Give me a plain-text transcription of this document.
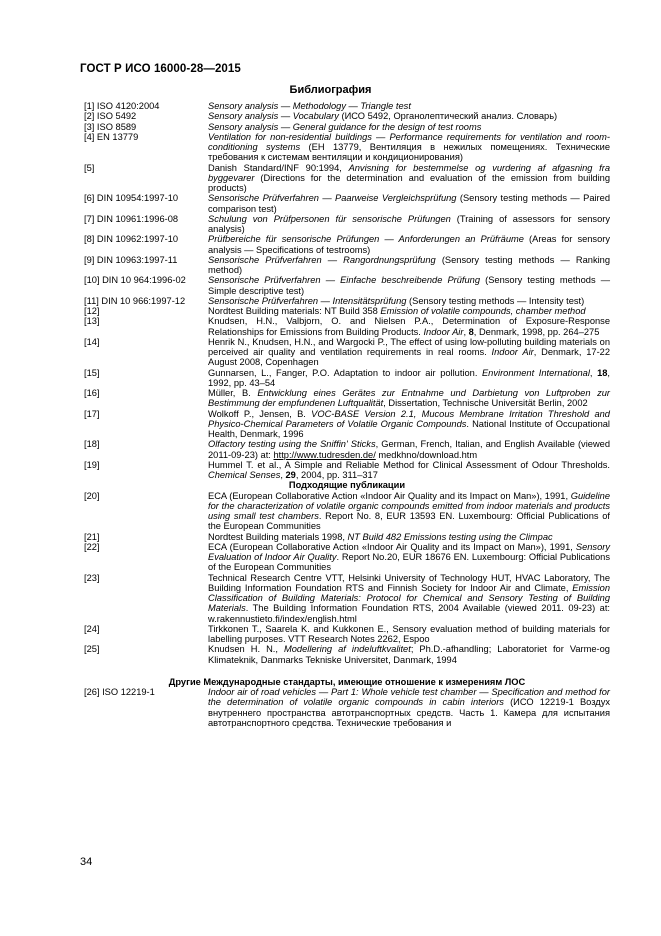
ГОСТ Р ИСО 16000-28—2015
Библиография
[1] ISO 4120:2004	Sensory analysis — Methodology — Triangle test
[2] ISO 5492	Sensory analysis — Vocabulary (ИСО 5492, Органолептический анализ. Словарь)
[3] ISO 8589	Sensory analysis — General guidance for the design of test rooms
[4] EN 13779	Ventilation for non-residential buildings — Performance requirements for ventilation and room-conditioning systems (EH 13779, Вентиляция в нежилых помещениях. Технические требования к системам вентиляции и кондиционирования)
[5]	Danish Standard/INF 90:1994, Anvisning for bestemmelse og vurdering af afgasning fra byggevarer (Directions for the determination and evaluation of the emission from building products)
[6] DIN 10954:1997-10	Sensorische Prüfverfahren — Paarweise Vergleichsprüfung (Sensory testing methods — Paired comparison test)
[7] DIN 10961:1996-08	Schulung von Prüfpersonen für sensorische Prüfungen (Training of assessors for sensory analysis)
[8] DIN 10962:1997-10	Prüfbereiche für sensorische Prüfungen — Anforderungen an Prüfräume (Areas for sensory analysis — Specifications of testrooms)
[9] DIN 10963:1997-11	Sensorische Prüfverfahren — Rangordnungsprüfung (Sensory testing methods — Ranking method)
[10] DIN 10 964:1996-02	Sensorische Prüfverfahren — Einfache beschreibende Prüfung (Sensory testing methods — Simple descriptive test)
[11] DIN 10 966:1997-12	Sensorische Prüfverfahren — Intensitätsprüfung (Sensory testing methods — Intensity test)
[12]	Nordtest Building materials: NT Build 358 Emission of volatile compounds, chamber method
[13]	Knudsen, H.N., Valbjorn, O. and Nielsen P.A., Determination of Exposure-Response Relationships for Emissions from Building Products. Indoor Air, 8, Denmark, 1998, pp. 264–275
[14]	Henrik N., Knudsen, H.N., and Wargocki P., The effect of using low-polluting building materials on perceived air quality and ventilation requirements in real rooms. Indoor Air, Denmark, 17-22 August 2008, Copenhagen
[15]	Gunnarsen, L., Fanger, P.O. Adaptation to indoor air pollution. Environment International, 18, 1992, pp. 43–54
[16]	Müller, B. Entwicklung eines Gerätes zur Entnahme und Darbietung von Luftproben zur Bestimmung der empfundenen Luftqualität, Dissertation, Technische Universität Berlin, 2002
[17]	Wolkoff P., Jensen, B. VOC-BASE Version 2.1, Mucous Membrane Irritation Threshold and Physico-Chemical Parameters of Volatile Organic Compounds. National Institute of Occupational Health, Denmark, 1996
[18]	Olfactory testing using the Sniffin' Sticks, German, French, Italian, and English Available (viewed 2011-09-23) at: http://www.tudresden.de/ medkhno/download.htm
[19]	Hummel T. et al., A Simple and Reliable Method for Clinical Assessment of Odour Thresholds. Chemical Senses, 29, 2004, pp. 311–317
Подходящие публикации
[20]	ECA (European Collaborative Action «Indoor Air Quality and its Impact on Man»), 1991, Guideline for the characterization of volatile organic compounds emitted from indoor materials and products using small test chambers. Report No. 8, EUR 13593 EN. Luxembourg: Official Publications of the European Communities
[21]	Nordtest Building materials 1998, NT Build 482 Emissions testing using the Climpac
[22]	ECA (European Collaborative Action «Indoor Air Quality and its Impact on Man»), 1991, Sensory Evaluation of Indoor Air Quality. Report No.20, EUR 18676 EN. Luxembourg: Official Publications of the European Communities
[23]	Technical Research Centre VTT, Helsinki University of Technology HUT, HVAC Laboratory, The Building Information Foundation RTS and Finnish Society for Indoor Air and Climate, Emission Classification of Building Materials: Protocol for Chemical and Sensory Testing of Building Materials. The Building Information Foundation RTS, 2004 Available (viewed 2011. 09-23) at: w.rakennustieto.fi/index/english.html
[24]	Tirkkonen T., Saarela K. and Kukkonen E., Sensory evaluation method of building materials for labelling purposes. VTT Research Notes 2262, Espoo
[25]	Knudsen H. N., Modellering af indeluftkvalitet; Ph.D.-afhandling; Laboratoriet for Varme-og Klimateknik, Danmarks Tekniske Universitet, Danmark, 1994
Другие Международные стандарты, имеющие отношение к измерениям ЛОС
[26] ISO 12219-1	Indoor air of road vehicles — Part 1: Whole vehicle test chamber — Specification and method for the determination of volatile organic compounds in cabin interiors (ИСО 12219-1 Воздух внутреннего пространства автотранспортных средств. Часть 1. Камера для испытания автотранспортного средства. Технические требования и
34
